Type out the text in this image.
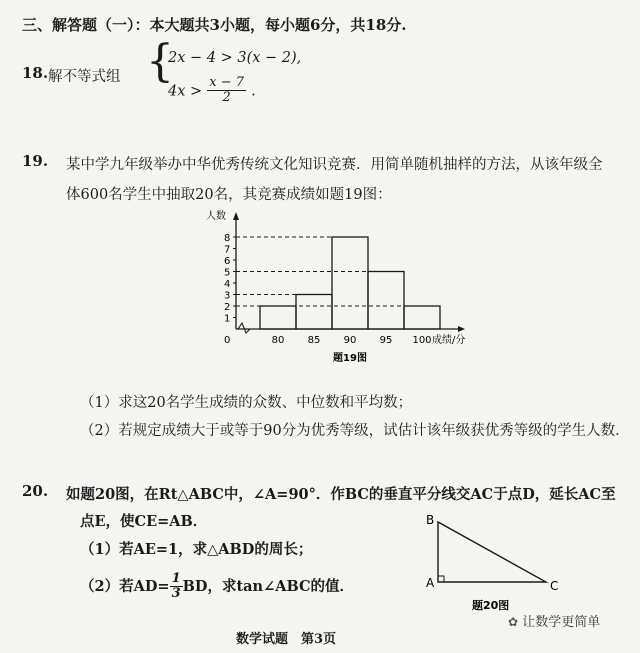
三、解答题（一）：本大题共3小题，每小题6分，共18分.
18. 解不等式组 {
2x − 4 > 3(x − 2),
$4x > \frac{x - 7}{2}$ .
19. 某中学九年级举办中华优秀传统文化知识竞赛．用简单随机抽样的方法，从该年级全
体600名学生中抽取20名，其竞赛成绩如题19图：
人数
1
2
3
4
5
6
7
8
0	80 85 90 95 100 成绩/分
题19图
（1）求这20名学生成绩的众数、中位数和平均数；
（2）若规定成绩大于或等于90分为优秀等级，试估计该年级获优秀等级的学生人数．
20. 如题20图，在Rt△ABC中，∠A=90°．作BC的垂直平分线交AC于点D，延长AC至
点E，使CE=AB．
（1）若AE=1，求△ABD的周长；
（2）若$AD= \frac{1}{3}$ BD，求tan∠ABC的值．
B
A	C
题20图
数学试题　第3页
✿ 让数学更简单
